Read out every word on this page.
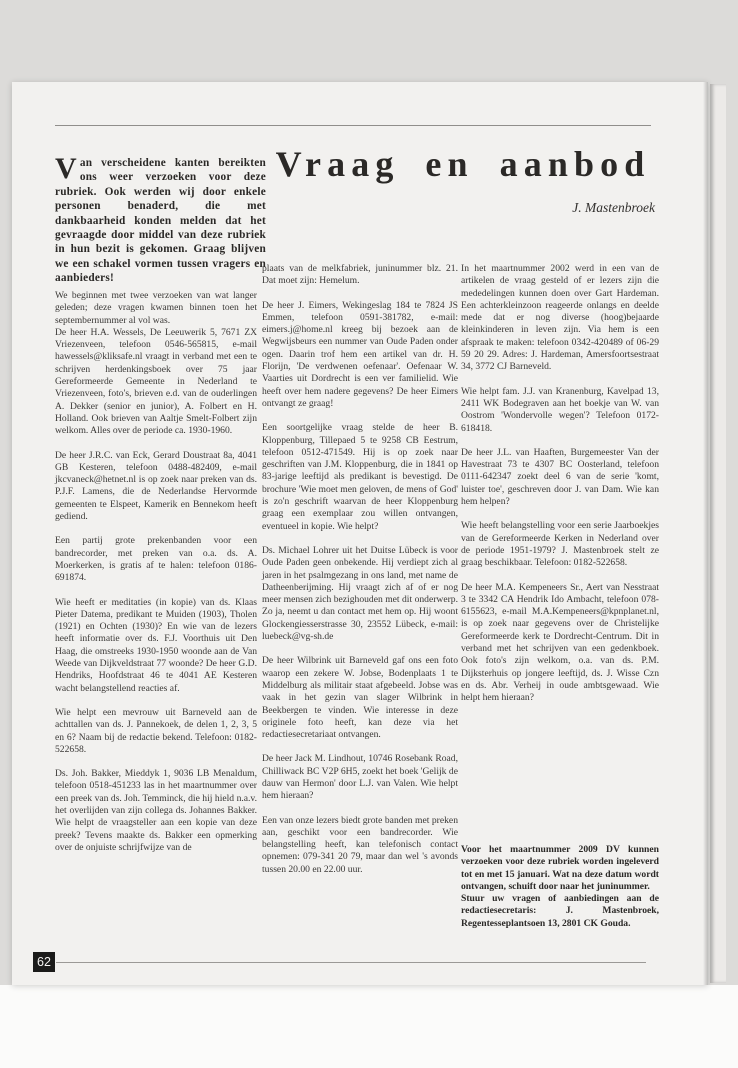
Van verscheidene kanten bereikten ons weer verzoeken voor deze rubriek. Ook werden wij door enkele personen benaderd, die met dankbaarheid konden melden dat het gevraagde door middel van deze rubriek in hun bezit is gekomen. Graag blijven we een schakel vormen tussen vragers en aanbieders!

Vraag en aanbod
J. Mastenbroek

We beginnen met twee verzoeken van wat langer geleden; deze vragen kwamen binnen toen het septembernummer al vol was.

De heer H.A. Wessels, De Leeuwerik 5, 7671 ZX Vriezenveen, telefoon 0546-565815, e-mail hawessels@kliksafe.nl vraagt in verband met een te schrijven herdenkingsboek over 75 jaar Gereformeerde Gemeente in Nederland te Vriezenveen, foto's, brieven e.d. van de ouderlingen A. Dekker (senior en junior), A. Folbert en H. Holland. Ook brieven van Aaltje Smelt-Folbert zijn welkom. Alles over de periode ca. 1930-1960.

De heer J.R.C. van Eck, Gerard Doustraat 8a, 4041 GB Kesteren, telefoon 0488-482409, e-mail jkcvaneck@hetnet.nl is op zoek naar preken van ds. P.J.F. Lamens, die de Nederlandse Hervormde gemeenten te Elspeet, Kamerik en Bennekom heeft gediend.

Een partij grote prekenbanden voor een bandrecorder, met preken van o.a. ds. A. Moerkerken, is gratis af te halen: telefoon 0186-691874.

Wie heeft er meditaties (in kopie) van ds. Klaas Pieter Datema, predikant te Muiden (1903), Tholen (1921) en Ochten (1930)? En wie van de lezers heeft informatie over ds. F.J. Voorthuis uit Den Haag, die omstreeks 1930-1950 woonde aan de Van Weede van Dijkveldstraat 77 woonde? De heer G.D. Hendriks, Hoofdstraat 46 te 4041 AE Kesteren wacht belangstellend reacties af.

Wie helpt een mevrouw uit Barneveld aan de achttallen van ds. J. Pannekoek, de delen 1, 2, 3, 5 en 6? Naam bij de redactie bekend. Telefoon: 0182-522658.

Ds. Joh. Bakker, Mieddyk 1, 9036 LB Menaldum, telefoon 0518-451233 las in het maartnummer over een preek van ds. Joh. Temminck, die hij hield n.a.v. het overlijden van zijn collega ds. Johannes Bakker. Wie helpt de vraagsteller aan een kopie van deze preek? Tevens maakte ds. Bakker een opmerking over de onjuiste schrijfwijze van de

plaats van de melkfabriek, juninummer blz. 21. Dat moet zijn: Hemelum.

De heer J. Eimers, Wekingeslag 184 te 7824 JS Emmen, telefoon 0591-381782, e-mail: eimers.j@home.nl kreeg bij bezoek aan de Wegwijsbeurs een nummer van Oude Paden onder ogen. Daarin trof hem een artikel van dr. H. Florijn, 'De verdwenen oefenaar'. Oefenaar W. Vaarties uit Dordrecht is een ver familielid. Wie heeft over hem nadere gegevens? De heer Eimers ontvangt ze graag!

Een soortgelijke vraag stelde de heer B. Kloppenburg, Tillepaed 5 te 9258 CB Eestrum, telefoon 0512-471549. Hij is op zoek naar geschriften van J.M. Kloppenburg, die in 1841 op 83-jarige leeftijd als predikant is bevestigd. De brochure 'Wie moet men geloven, de mens of God' is zo'n geschrift waarvan de heer Kloppenburg graag een exemplaar zou willen ontvangen, eventueel in kopie. Wie helpt?

Ds. Michael Lohrer uit het Duitse Lübeck is voor Oude Paden geen onbekende. Hij verdiept zich al jaren in het psalmgezang in ons land, met name de Datheenberijming. Hij vraagt zich af of er nog meer mensen zich bezighouden met dit onderwerp. Zo ja, neemt u dan contact met hem op. Hij woont Glockengiesserstrasse 30, 23552 Lübeck, e-mail: luebeck@vg-sh.de

De heer Wilbrink uit Barneveld gaf ons een foto waarop een zekere W. Jobse, Bodenplaats 1 te Middelburg als militair staat afgebeeld. Jobse was vaak in het gezin van slager Wilbrink in Beekbergen te vinden. Wie interesse in deze originele foto heeft, kan deze via het redactiesecretariaat ontvangen.

De heer Jack M. Lindhout, 10746 Rosebank Road, Chilliwack BC V2P 6H5, zoekt het boek 'Gelijk de dauw van Hermon' door L.J. van Valen. Wie helpt hem hieraan?

Een van onze lezers biedt grote banden met preken aan, geschikt voor een bandrecorder. Wie belangstelling heeft, kan telefonisch contact opnemen: 079-341 20 79, maar dan wel 's avonds tussen 20.00 en 22.00 uur.

In het maartnummer 2002 werd in een van de artikelen de vraag gesteld of er lezers zijn die mededelingen kunnen doen over Gart Hardeman. Een achterkleinzoon reageerde onlangs en deelde mede dat er nog diverse (hoog)bejaarde kleinkinderen in leven zijn. Via hem is een afspraak te maken: telefoon 0342-420489 of 06-29 59 20 29. Adres: J. Hardeman, Amersfoortsestraat 34, 3772 CJ Barneveld.

Wie helpt fam. J.J. van Kranenburg, Kavelpad 13, 2411 WK Bodegraven aan het boekje van W. van Oostrom 'Wondervolle wegen'? Telefoon 0172-618418.

De heer J.L. van Haaften, Burgemeester Van der Havestraat 73 te 4307 BC Oosterland, telefoon 0111-642347 zoekt deel 6 van de serie 'komt, luister toe', geschreven door J. van Dam. Wie kan hem helpen?

Wie heeft belangstelling voor een serie Jaarboekjes van de Gereformeerde Kerken in Nederland over de periode 1951-1979? J. Mastenbroek stelt ze graag beschikbaar. Telefoon: 0182-522658.

De heer M.A. Kempeneers Sr., Aert van Nesstraat 3 te 3342 CA Hendrik Ido Ambacht, telefoon 078-6155623, e-mail M.A.Kempeneers@kpnplanet.nl, is op zoek naar gegevens over de Christelijke Gereformeerde kerk te Dordrecht-Centrum. Dit in verband met het schrijven van een gedenkboek. Ook foto's zijn welkom, o.a. van ds. P.M. Dijksterhuis op jongere leeftijd, ds. J. Wisse Czn en ds. Abr. Verheij in oude ambtsgewaad. Wie helpt hem hieraan?

Voor het maartnummer 2009 DV kunnen verzoeken voor deze rubriek worden ingeleverd tot en met 15 januari. Wat na deze datum wordt ontvangen, schuift door naar het juninummer.

Stuur uw vragen of aanbiedingen aan de redactiesecretaris: J. Mastenbroek, Regentesseplantsoen 13, 2801 CK Gouda.

62
